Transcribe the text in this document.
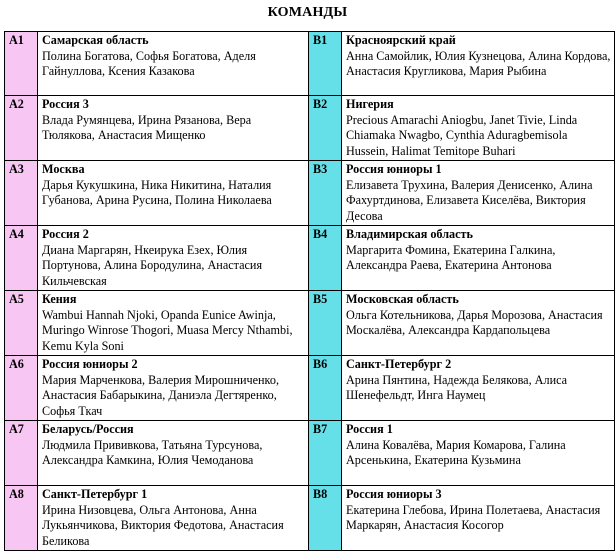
КОМАНДЫ
A1	Самарская область
Полина Богатова, Софья Богатова, Аделя Гайнуллова, Ксения Казакова	B1	Красноярский край
Анна Самойлик, Юлия Кузнецова, Алина Кордова, Анастасия Кругликова, Мария Рыбина

A2	Россия 3
Влада Румянцева, Ирина Рязанова, Вера Тюлякова, Анастасия Мищенко	B2	Нигерия
Precious Amarachi Aniogbu, Janet Tivie, Linda Chiamaka Nwagbo, Cynthia Aduragbemisola Hussein, Halimat Temitope Buhari

A3	Москва
Дарья Кукушкина, Ника Никитина, Наталия Губанова, Арина Русина, Полина Николаева	B3	Россия юниоры 1
Елизавета Трухина, Валерия Денисенко, Алина Фахуртдинова, Елизавета Киселёва, Виктория Десова

A4	Россия 2
Диана Маргарян, Нкеирука Езех, Юлия Портунова, Алина Бородулина, Анастасия Кильчевская	B4	Владимирская область
Маргарита Фомина, Екатерина Галкина, Александра Раева, Екатерина Антонова

A5	Кения
Wambui Hannah Njoki, Opanda Eunice Awinja, Muringo Winrose Thogori, Muasa Mercy Nthambi, Kemu Kyla Soni	B5	Московская область
Ольга Котельникова, Дарья Морозова, Анастасия Москалёва, Александра Кардапольцева

A6	Россия юниоры 2
Мария Марченкова, Валерия Мирошниченко, Анастасия Бабарыкина, Даниэла Дегтяренко, Софья Ткач	B6	Санкт-Петербург 2
Арина Пянтина, Надежда Белякова, Алиса Шенефельдт, Инга Наумец

A7	Беларусь/Россия
Людмила Прививкова, Татьяна Турсунова, Александра Камкина, Юлия Чемоданова	B7	Россия 1
Алина Ковалёва, Мария Комарова, Галина Арсенькина, Екатерина Кузьмина

A8	Санкт-Петербург 1
Ирина Низовцева, Ольга Антонова, Анна Лукьянчикова, Виктория Федотова, Анастасия Беликова	B8	Россия юниоры 3
Екатерина Глебова, Ирина Полетаева, Анастасия Маркарян, Анастасия Косогор
